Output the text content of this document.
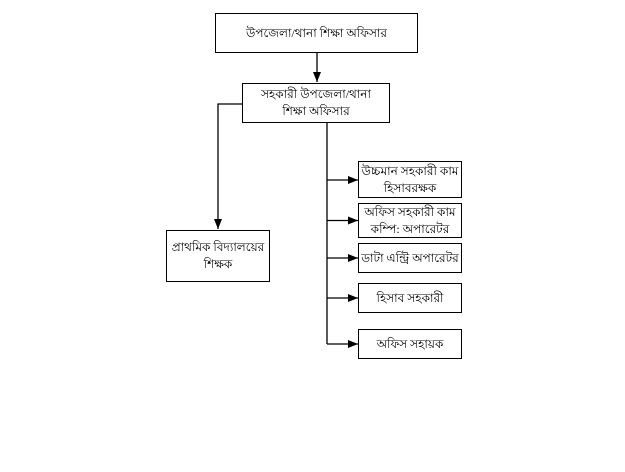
উপজেলা/থানা শিক্ষা অফিসার
সহকারী উপজেলা/থানা
শিক্ষা অফিসার
প্রাথমিক বিদ্যালয়ের
শিক্ষক
উচ্চমান সহকারী কাম
হিসাবরক্ষক
অফিস সহকারী কাম
কম্পি: অপারেটর
ডাটা এন্ট্রি অপারেটর
হিসাব সহকারী
অফিস সহায়ক
